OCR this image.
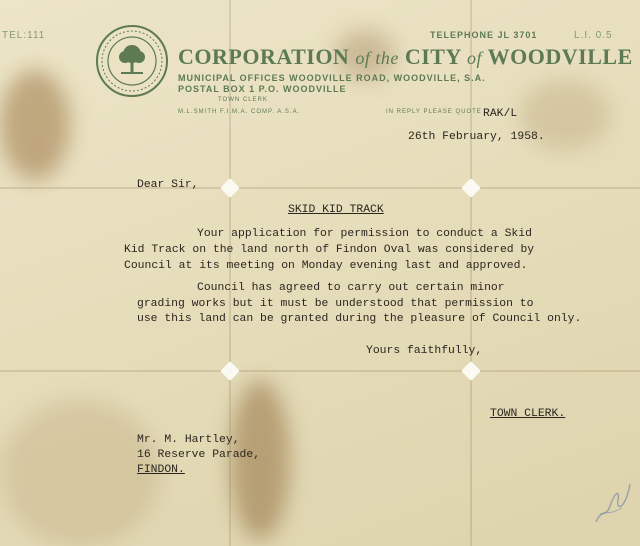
TEL:111	L.I. 0.5
TELEPHONE JL 3701
CORPORATION of the CITY of WOODVILLE
MUNICIPAL OFFICES WOODVILLE ROAD, WOODVILLE, S.A.
POSTAL BOX 1 P.O. WOODVILLE
TOWN CLERK
M.L.SMITH F.I.M.A. COMP. A.S.A.	IN REPLY PLEASE QUOTE RAK/L
26th February, 1958.
Dear Sir,
SKID KID TRACK
Your application for permission to conduct a Skid
Kid Track on the land north of Findon Oval was considered by
Council at its meeting on Monday evening last and approved.
Council has agreed to carry out certain minor
grading works but it must be understood that permission to
use this land can be granted during the pleasure of Council only.
Yours faithfully,
TOWN CLERK.
Mr. M. Hartley,
16 Reserve Parade,
FINDON.
